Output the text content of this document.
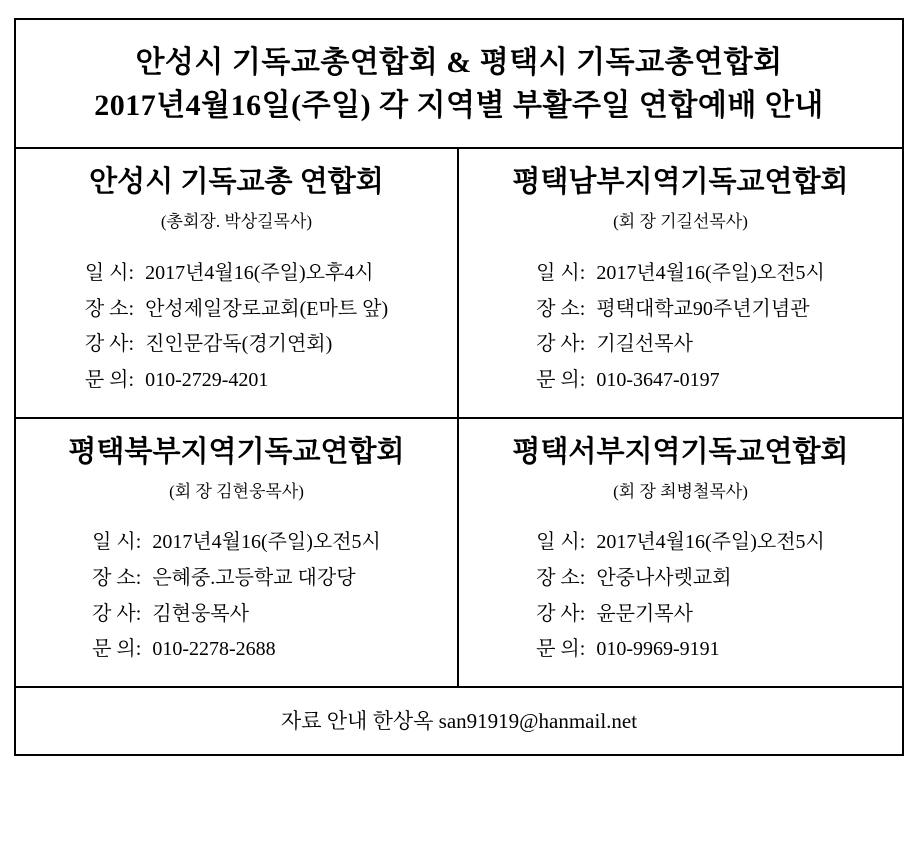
안성시 기독교총연합회 & 평택시 기독교총연합회
2017년4월16일(주일) 각 지역별 부활주일 연합예배 안내
안성시 기독교총 연합회
(총회장. 박상길목사)
일 시: 2017년4월16(주일)오후4시
장 소: 안성제일장로교회(E마트 앞)
강 사: 진인문감독(경기연회)
문 의: 010-2729-4201
평택남부지역기독교연합회
(회 장 기길선목사)
일 시: 2017년4월16(주일)오전5시
장 소: 평택대학교90주년기념관
강 사: 기길선목사
문 의: 010-3647-0197
평택북부지역기독교연합회
(회 장 김현웅목사)
일 시: 2017년4월16(주일)오전5시
장 소: 은혜중.고등학교 대강당
강 사: 김현웅목사
문 의: 010-2278-2688
평택서부지역기독교연합회
(회 장 최병철목사)
일 시: 2017년4월16(주일)오전5시
장 소: 안중나사렛교회
강 사: 윤문기목사
문 의: 010-9969-9191
자료 안내 한상옥 san91919@hanmail.net
